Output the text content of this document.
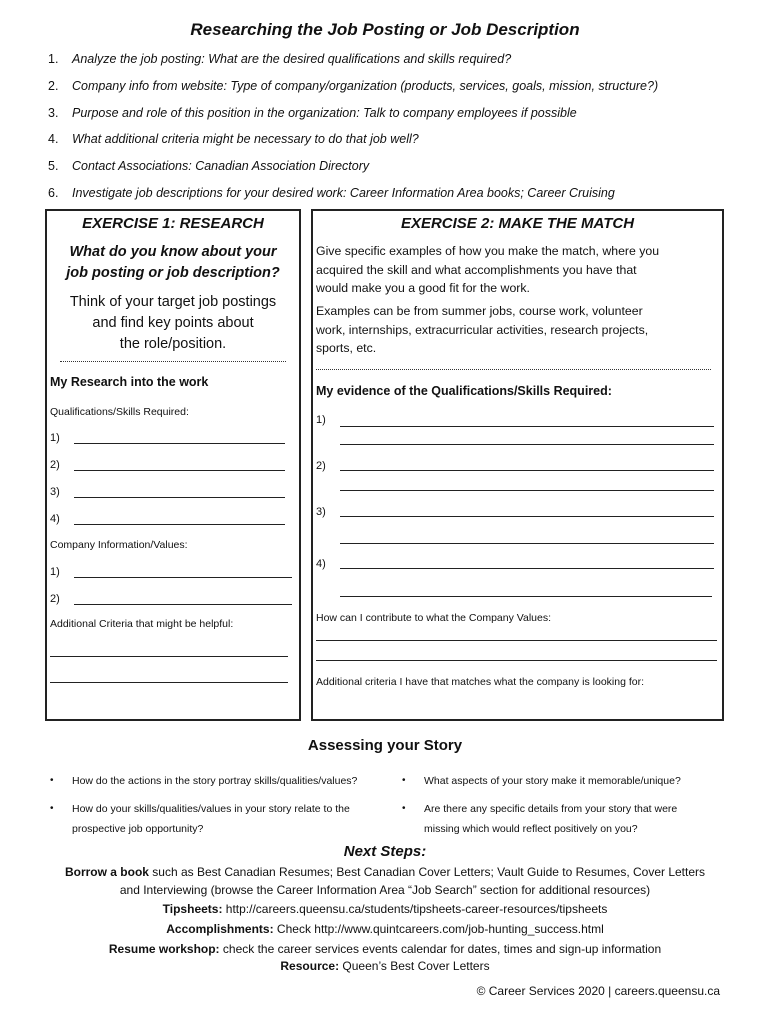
Researching the Job Posting or Job Description
1. Analyze the job posting: What are the desired qualifications and skills required?
2. Company info from website: Type of company/organization (products, services, goals, mission, structure?)
3. Purpose and role of this position in the organization: Talk to company employees if possible
4. What additional criteria might be necessary to do that job well?
5. Contact Associations: Canadian Association Directory
6. Investigate job descriptions for your desired work: Career Information Area books; Career Cruising
EXERCISE 1: RESEARCH
What do you know about your
job posting or job description?
Think of your target job postings
and find key points about
the role/position.
My Research into the work
Qualifications/Skills Required:
1)
2)
3)
4)
Company Information/Values:
1)
2)
Additional Criteria that might be helpful:
EXERCISE 2: MAKE THE MATCH
Give specific examples of how you make the match, where you
acquired the skill and what accomplishments you have that
would make you a good fit for the work.
Examples can be from summer jobs, course work, volunteer
work, internships, extracurricular activities, research projects,
sports, etc.
My evidence of the Qualifications/Skills Required:
1)
2)
3)
4)
How can I contribute to what the Company Values:
Additional criteria I have that matches what the company is looking for:
Assessing your Story
• How do the actions in the story portray skills/qualities/values?	• What aspects of your story make it memorable/unique?
• How do your skills/qualities/values in your story relate to the
prospective job opportunity?
• Are there any specific details from your story that were
missing which would reflect positively on you?
Next Steps:
Borrow a book such as Best Canadian Resumes; Best Canadian Cover Letters; Vault Guide to Resumes, Cover Letters
and Interviewing (browse the Career Information Area “Job Search” section for additional resources)
Tipsheets: http://careers.queensu.ca/students/tipsheets-career-resources/tipsheets
Accomplishments: Check http://www.quintcareers.com/job-hunting_success.html
Resume workshop: check the career services events calendar for dates, times and sign-up information
Resource: Queen’s Best Cover Letters
© Career Services 2020 | careers.queensu.ca
